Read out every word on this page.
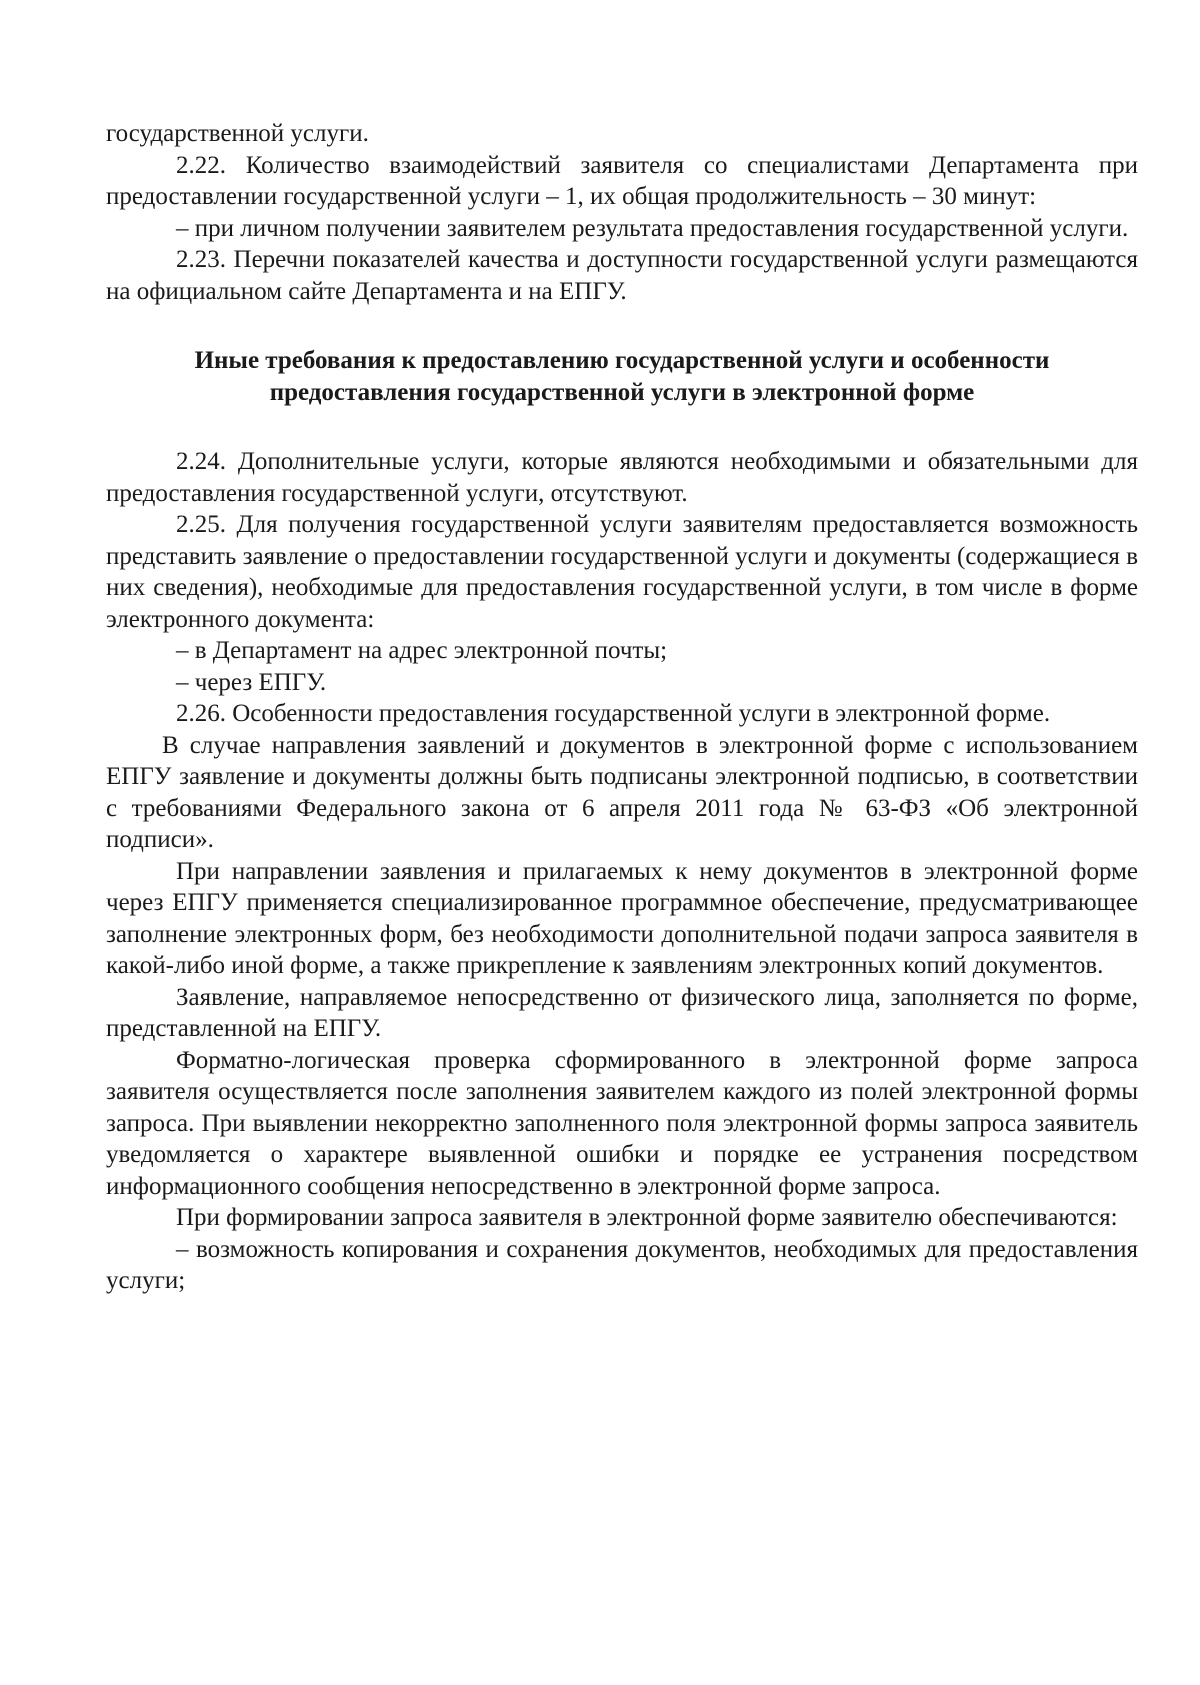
государственной услуги.

2.22. Количество взаимодействий заявителя со специалистами Департамента при предоставлении государственной услуги – 1, их общая продолжительность – 30 минут:

– при личном получении заявителем результата предоставления государственной услуги.

2.23. Перечни показателей качества и доступности государственной услуги размещаются на официальном сайте Департамента и на ЕПГУ.

Иные требования к предоставлению государственной услуги и особенности
предоставления государственной услуги в электронной форме

2.24. Дополнительные услуги, которые являются необходимыми и обязательными для предоставления государственной услуги, отсутствуют.

2.25. Для получения государственной услуги заявителям предоставляется возможность представить заявление о предоставлении государственной услуги и документы (содержащиеся в них сведения), необходимые для предоставления государственной услуги, в том числе в форме электронного документа:

– в Департамент на адрес электронной почты;

– через ЕПГУ.

2.26. Особенности предоставления государственной услуги в электронной форме.

В случае направления заявлений и документов в электронной форме с использованием ЕПГУ заявление и документы должны быть подписаны электронной подписью, в соответствии с требованиями Федерального закона от 6 апреля 2011 года № 63-ФЗ «Об электронной подписи».

При направлении заявления и прилагаемых к нему документов в электронной форме через ЕПГУ применяется специализированное программное обеспечение, предусматривающее заполнение электронных форм, без необходимости дополнительной подачи запроса заявителя в какой-либо иной форме, а также прикрепление к заявлениям электронных копий документов.

Заявление, направляемое непосредственно от физического лица, заполняется по форме, представленной на ЕПГУ.

Форматно-логическая проверка сформированного в электронной форме запроса заявителя осуществляется после заполнения заявителем каждого из полей электронной формы запроса. При выявлении некорректно заполненного поля электронной формы запроса заявитель уведомляется о характере выявленной ошибки и порядке ее устранения посредством информационного сообщения непосредственно в электронной форме запроса.

При формировании запроса заявителя в электронной форме заявителю обеспечиваются:

– возможность копирования и сохранения документов, необходимых для предоставления услуги;
